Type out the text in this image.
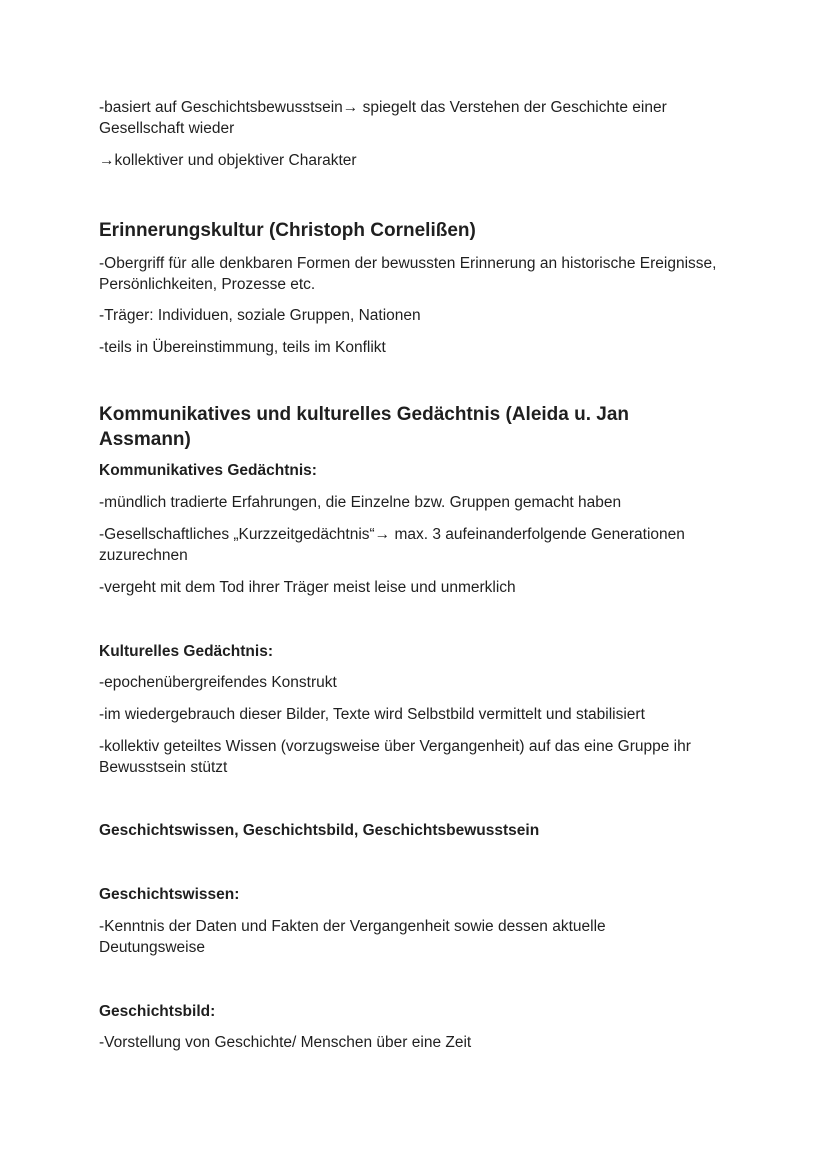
-basiert auf Geschichtsbewusstsein→ spiegelt das Verstehen der Geschichte einer Gesellschaft wieder

→kollektiver und objektiver Charakter

Erinnerungskultur (Christoph Cornelißen)

-Obergriff für alle denkbaren Formen der bewussten Erinnerung an historische Ereignisse, Persönlichkeiten, Prozesse etc.

-Träger: Individuen, soziale Gruppen, Nationen

-teils in Übereinstimmung, teils im Konflikt

Kommunikatives und kulturelles Gedächtnis (Aleida u. Jan Assmann)
Kommunikatives Gedächtnis:

-mündlich tradierte Erfahrungen, die Einzelne bzw. Gruppen gemacht haben

-Gesellschaftliches „Kurzzeitgedächtnis“→ max. 3 aufeinanderfolgende Generationen zuzurechnen

-vergeht mit dem Tod ihrer Träger meist leise und unmerklich

Kulturelles Gedächtnis:

-epochenübergreifendes Konstrukt

-im wiedergebrauch dieser Bilder, Texte wird Selbstbild vermittelt und stabilisiert

-kollektiv geteiltes Wissen (vorzugsweise über Vergangenheit) auf das eine Gruppe ihr Bewusstsein stützt

Geschichtswissen, Geschichtsbild, Geschichtsbewusstsein
Geschichtswissen:

-Kenntnis der Daten und Fakten der Vergangenheit sowie dessen aktuelle Deutungsweise

Geschichtsbild:

-Vorstellung von Geschichte/ Menschen über eine Zeit
